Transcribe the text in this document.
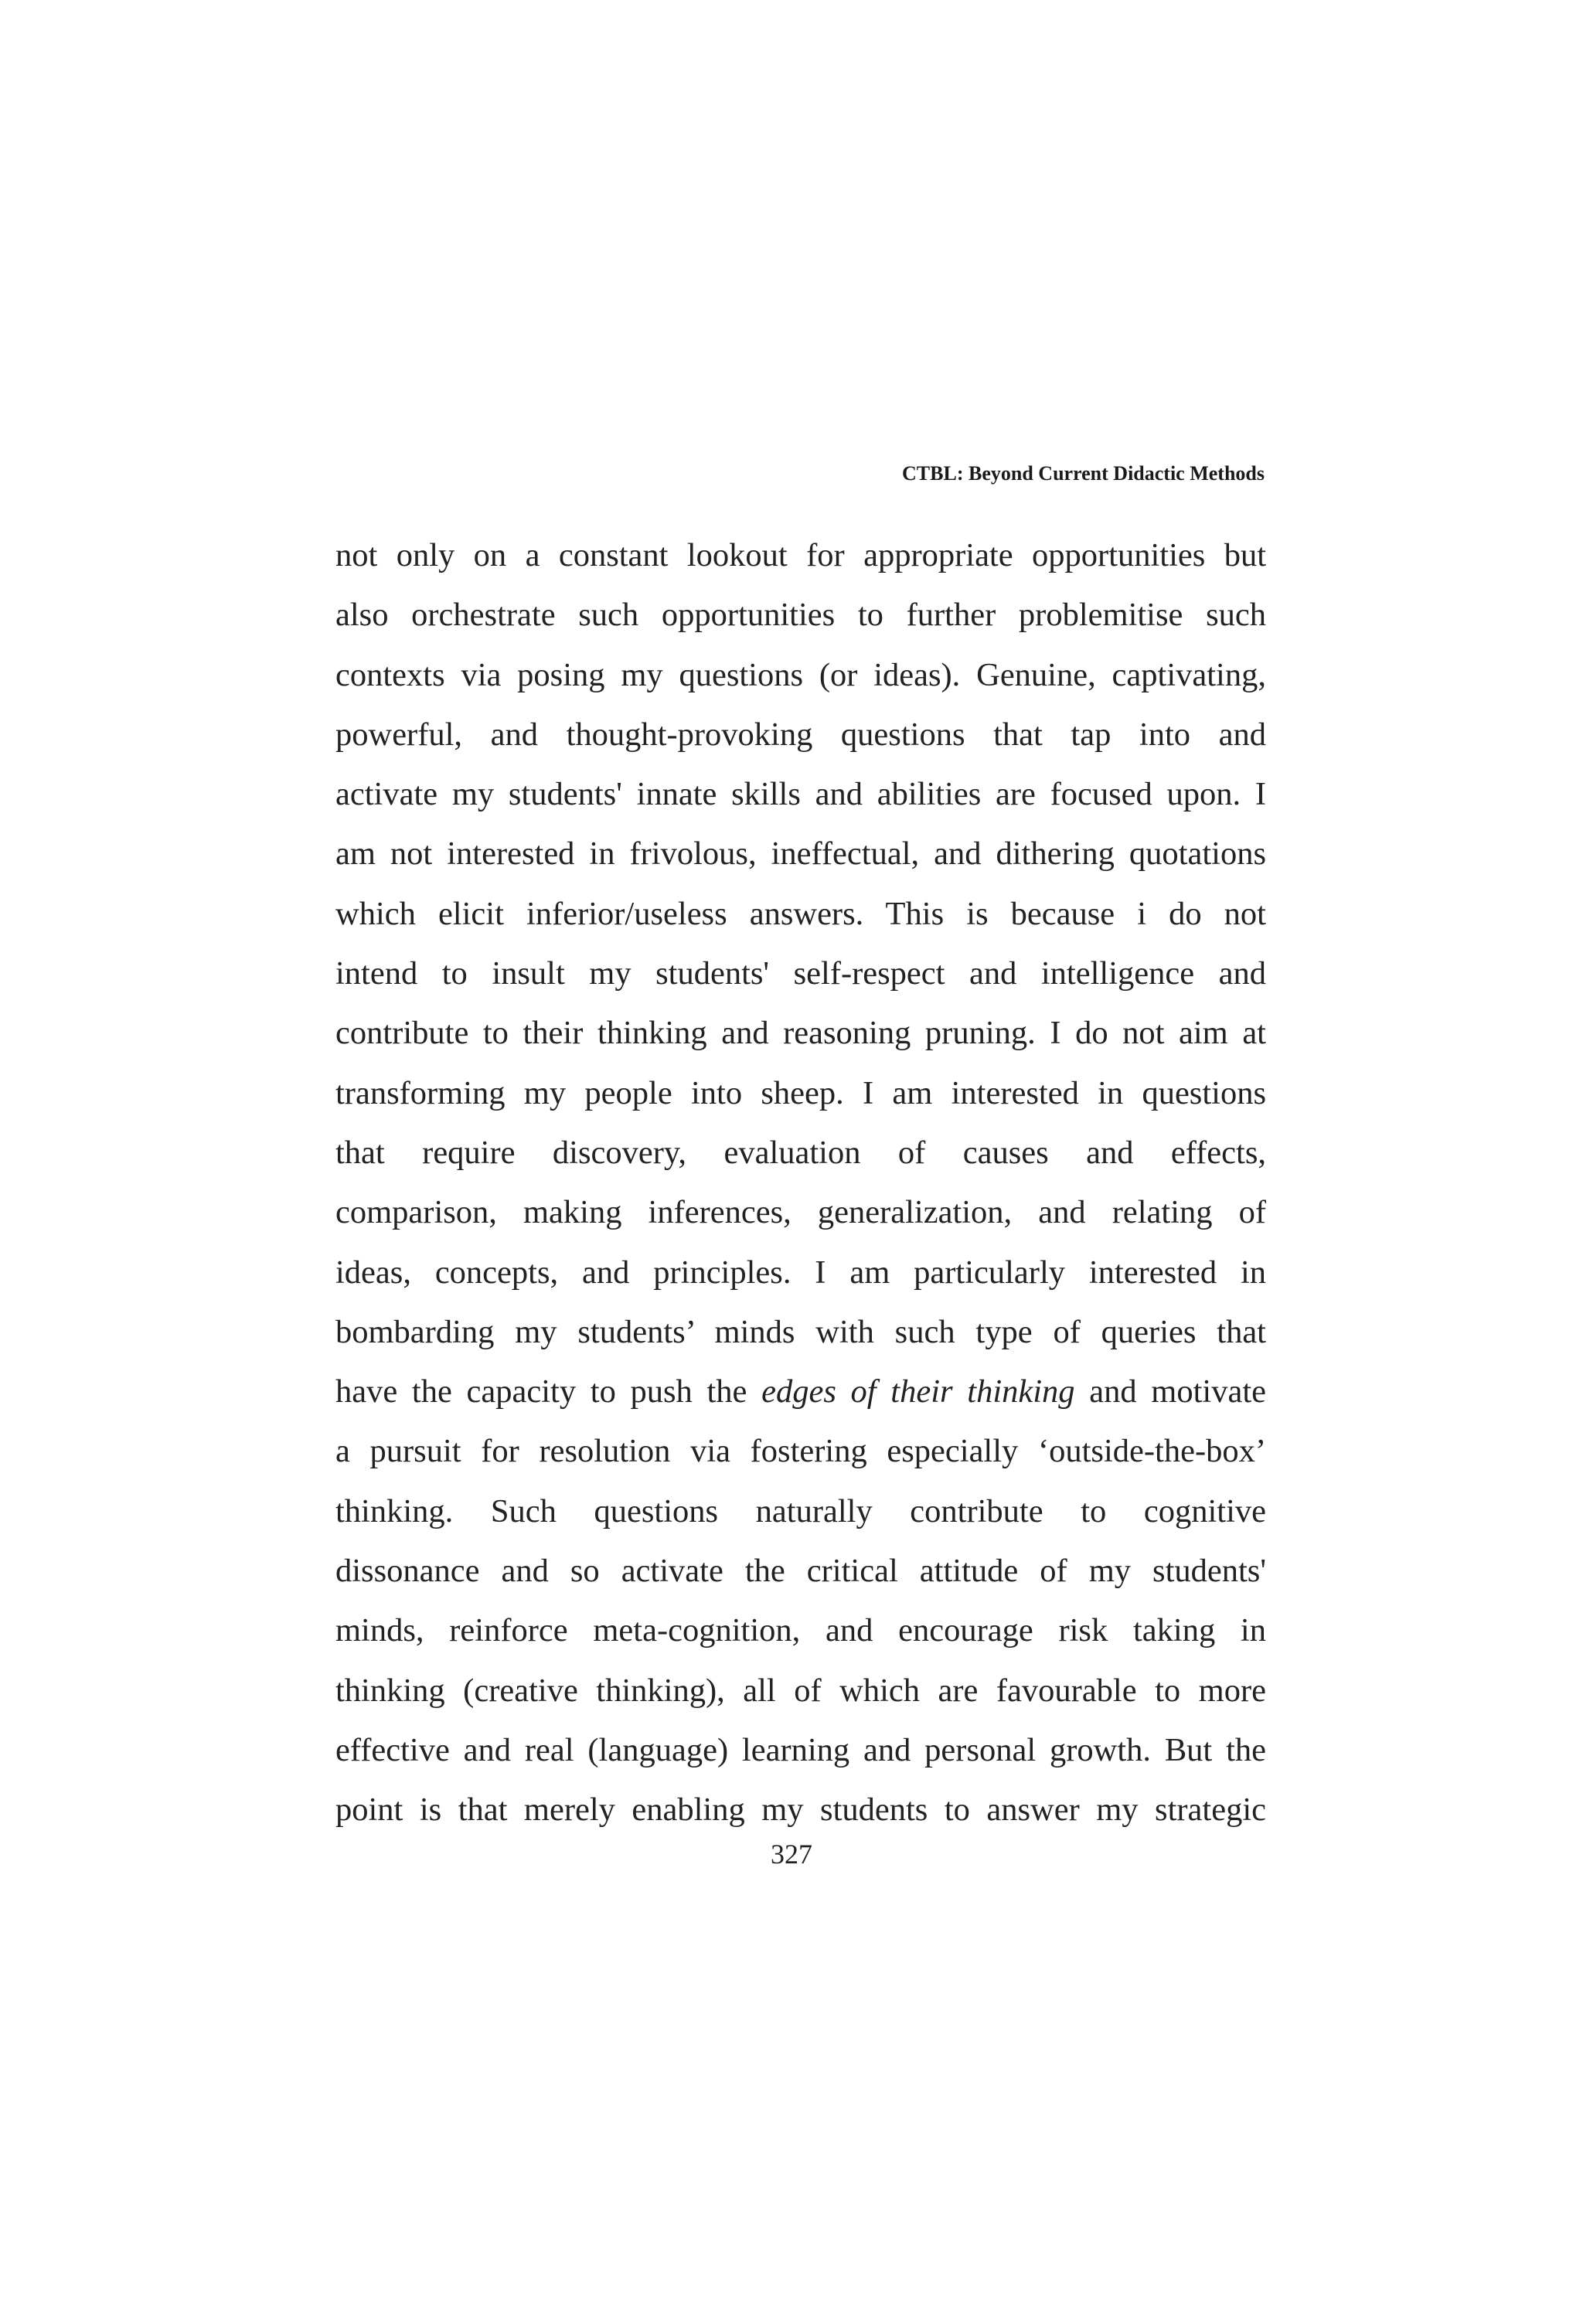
CTBL: Beyond Current Didactic Methods
not only on a constant lookout for appropriate opportunities but
also orchestrate such opportunities to further problemitise such
contexts via posing my questions (or ideas). Genuine, captivating,
powerful, and thought-provoking questions that tap into and
activate my students' innate skills and abilities are focused upon. I
am not interested in frivolous, ineffectual, and dithering quotations
which elicit inferior/useless answers. This is because i do not
intend to insult my students' self-respect and intelligence and
contribute to their thinking and reasoning pruning. I do not aim at
transforming my people into sheep. I am interested in questions
that require discovery, evaluation of causes and effects,
comparison, making inferences, generalization, and relating of
ideas, concepts, and principles. I am particularly interested in
bombarding my students’ minds with such type of queries that
have the capacity to push the edges of their thinking and motivate
a pursuit for resolution via fostering especially ‘outside-the-box’
thinking. Such questions naturally contribute to cognitive
dissonance and so activate the critical attitude of my students'
minds, reinforce meta-cognition, and encourage risk taking in
thinking (creative thinking), all of which are favourable to more
effective and real (language) learning and personal growth. But the
point is that merely enabling my students to answer my strategic
327
